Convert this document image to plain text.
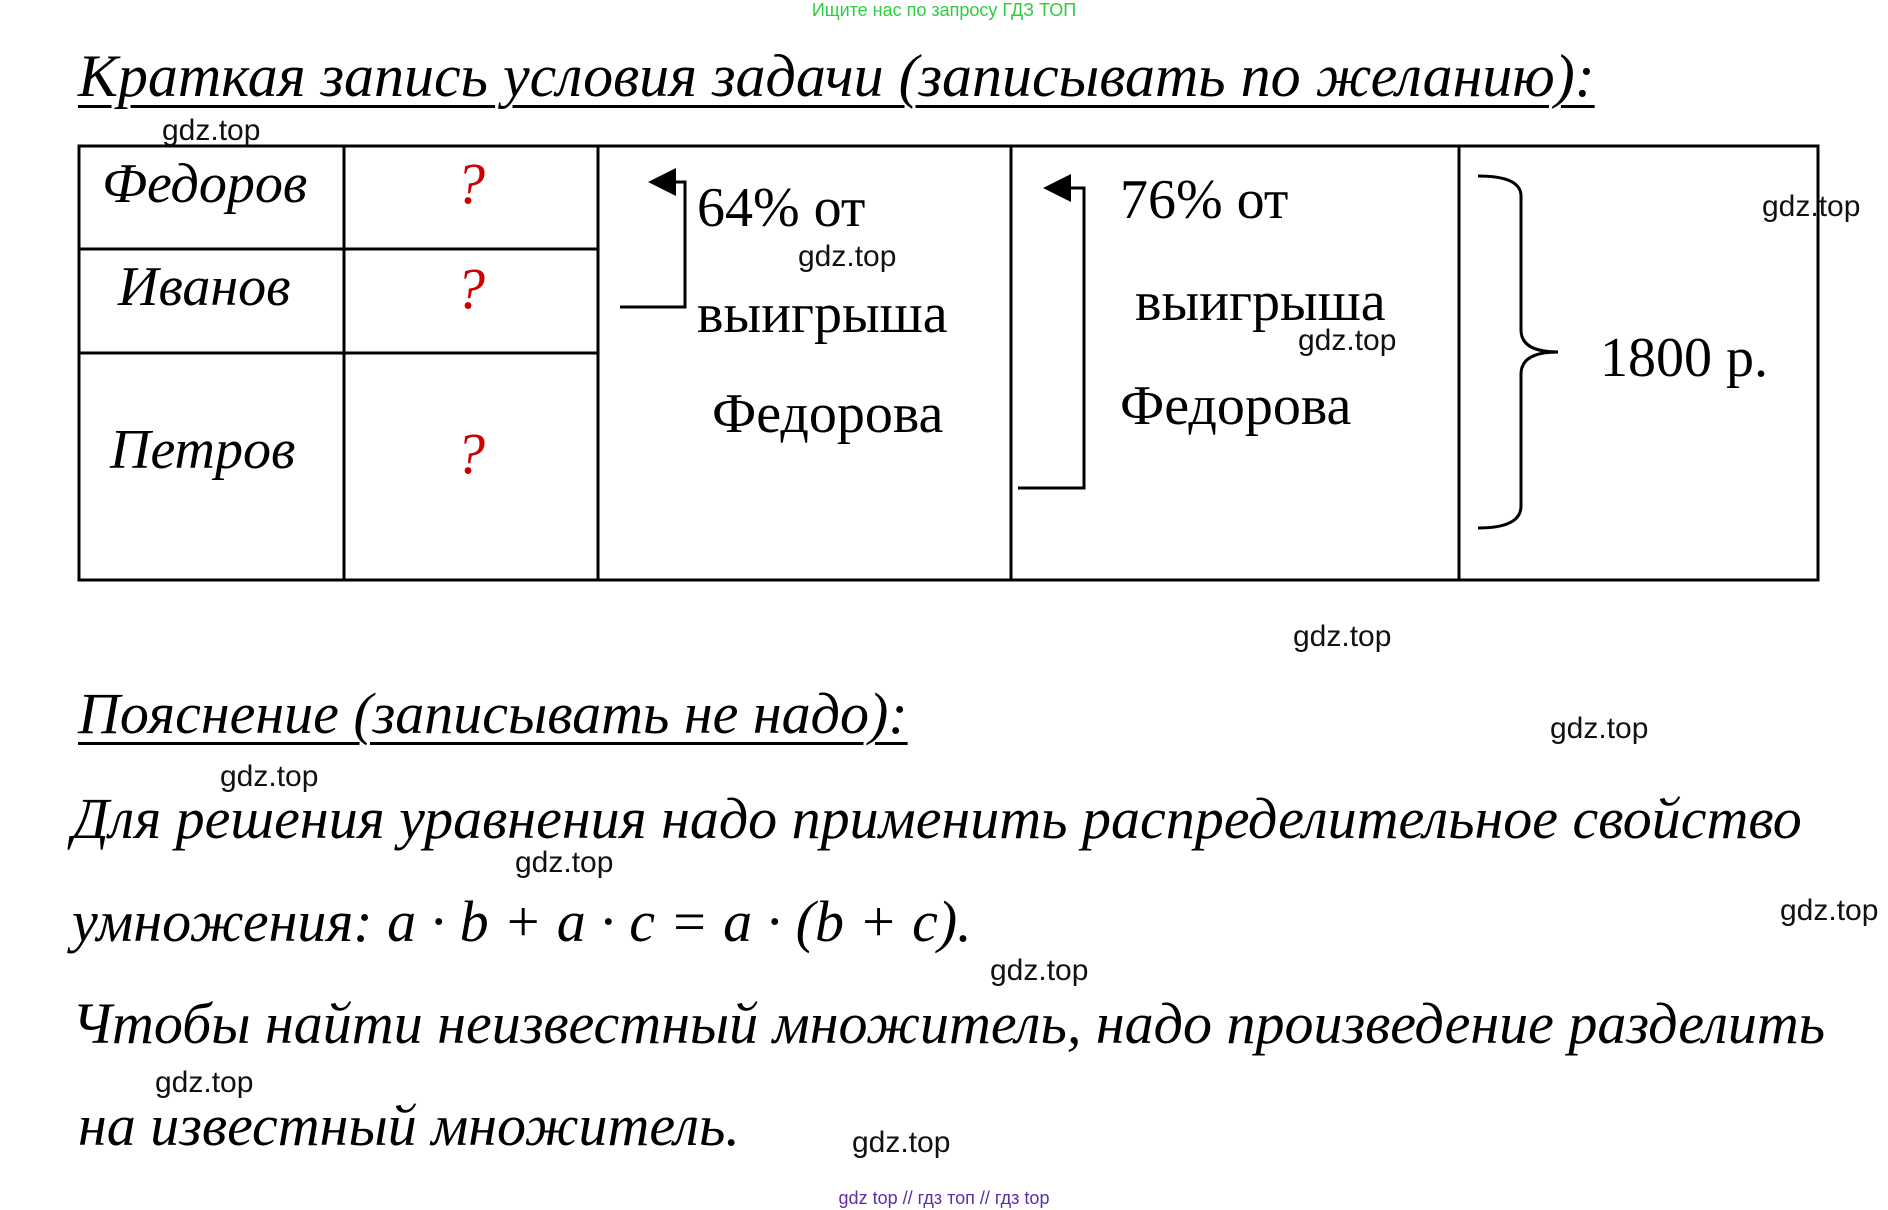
Ищите нас по запросу ГДЗ ТОП
Краткая запись условия задачи (записывать по желанию):
Федоров
Иванов
Петров
?
?
?
64% от
выигрыша
Федорова
76% от
выигрыша
Федорова
1800 р.
Пояснение (записывать не надо):
Для решения уравнения надо применить распределительное свойство
умножения: a · b + a · c = a · (b + c).
Чтобы найти неизвестный множитель, надо произведение разделить
на известный множитель.
gdz.top
gdz.top
gdz.top
gdz.top
gdz.top
gdz.top
gdz.top
gdz.top
gdz.top
gdz.top
gdz.top
gdz.top
gdz top // гдз топ // гдз top
